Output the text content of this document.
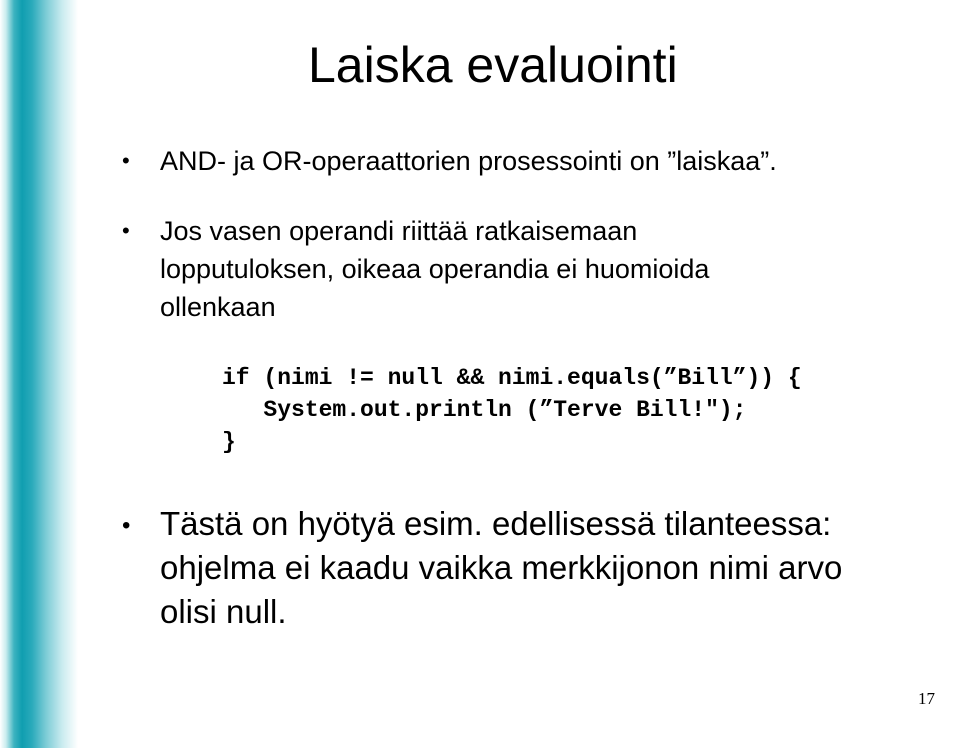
Laiska evaluointi
• AND- ja OR-operaattorien prosessointi on ”laiskaa”.
• Jos vasen operandi riittää ratkaisemaan
lopputuloksen, oikeaa operandia ei huomioida
ollenkaan
if (nimi != null && nimi.equals(”Bill”)) {
System.out.println (”Terve Bill!");
}
• Tästä on hyötyä esim. edellisessä tilanteessa:
ohjelma ei kaadu vaikka merkkijonon nimi arvo
olisi null.
17
